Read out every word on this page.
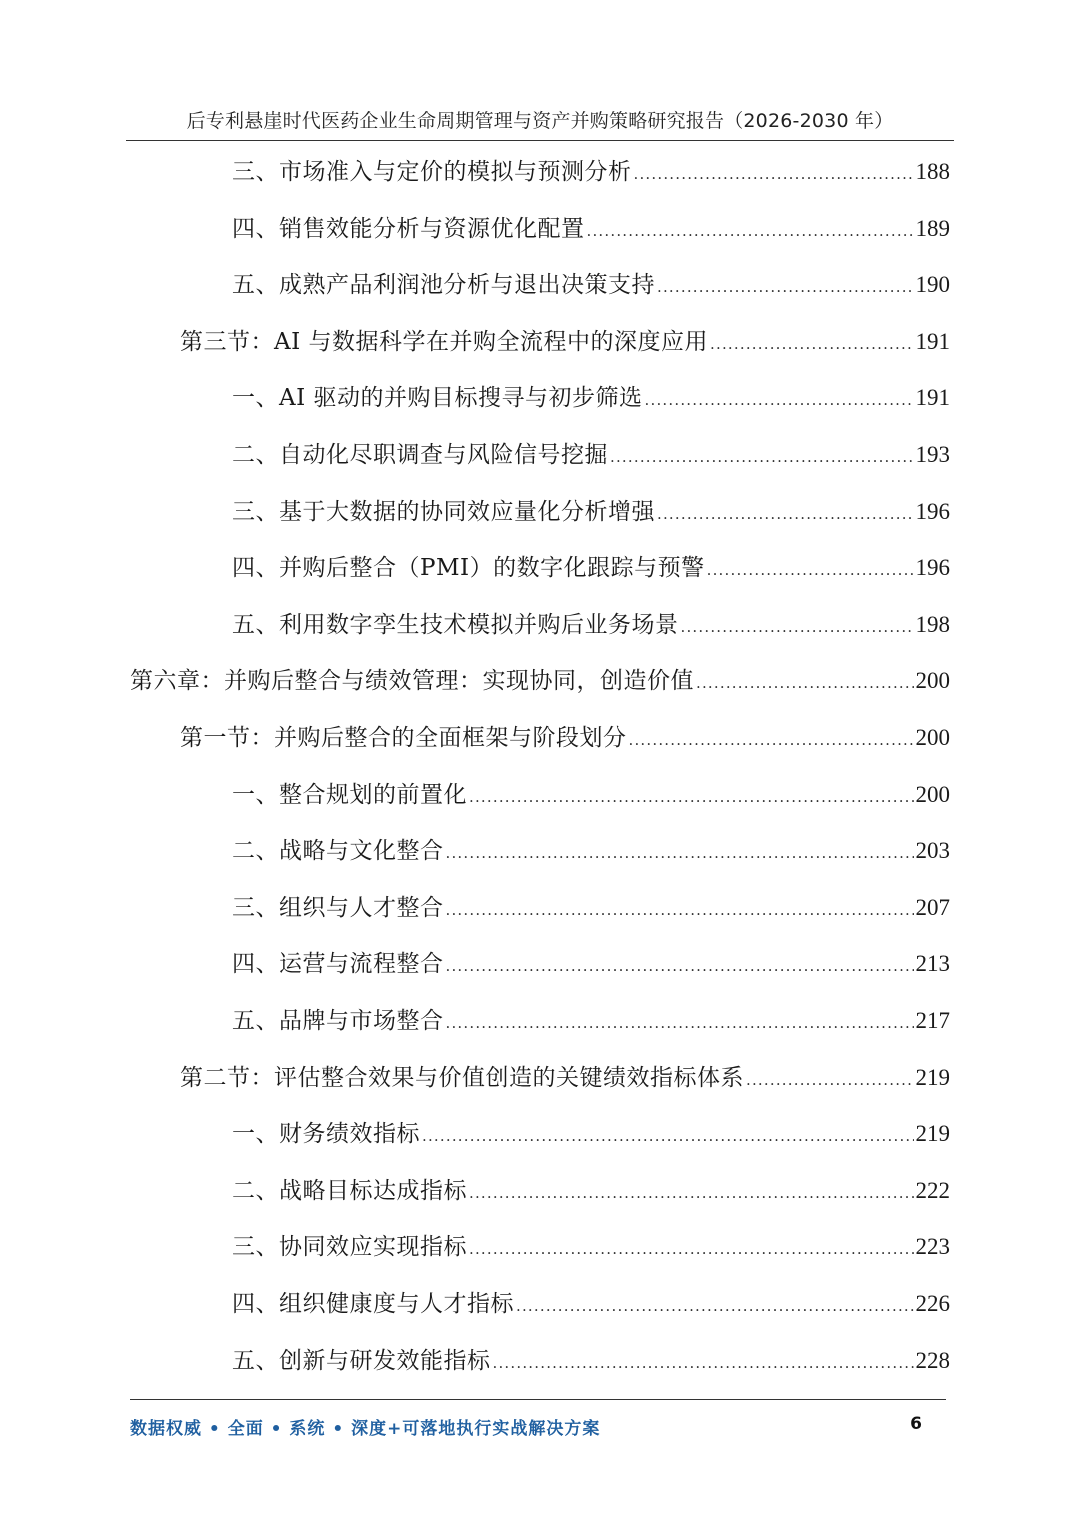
后专利悬崖时代医药企业生命周期管理与资产并购策略研究报告（2026-2030 年）
三、市场准入与定价的模拟与预测分析 .....	188
四、销售效能分析与资源优化配置 .....	189
五、成熟产品利润池分析与退出决策支持 .....	190
第三节：AI 与数据科学在并购全流程中的深度应用 .....	191
一、AI 驱动的并购目标搜寻与初步筛选 .....	191
二、自动化尽职调查与风险信号挖掘 .....	193
三、基于大数据的协同效应量化分析增强 .....	196
四、并购后整合（PMI）的数字化跟踪与预警 .....	196
五、利用数字孪生技术模拟并购后业务场景 .....	198
第六章：并购后整合与绩效管理：实现协同，创造价值 .....	200
第一节：并购后整合的全面框架与阶段划分 .....	200
一、整合规划的前置化 .....	200
二、战略与文化整合 .....	203
三、组织与人才整合 .....	207
四、运营与流程整合 .....	213
五、品牌与市场整合 .....	217
第二节：评估整合效果与价值创造的关键绩效指标体系 .....	219
一、财务绩效指标 .....	219
二、战略目标达成指标 .....	222
三、协同效应实现指标 .....	223
四、组织健康度与人才指标 .....	226
五、创新与研发效能指标 .....	228
数据权威 • 全面 • 系统 • 深度+可落地执行实战解决方案	6
